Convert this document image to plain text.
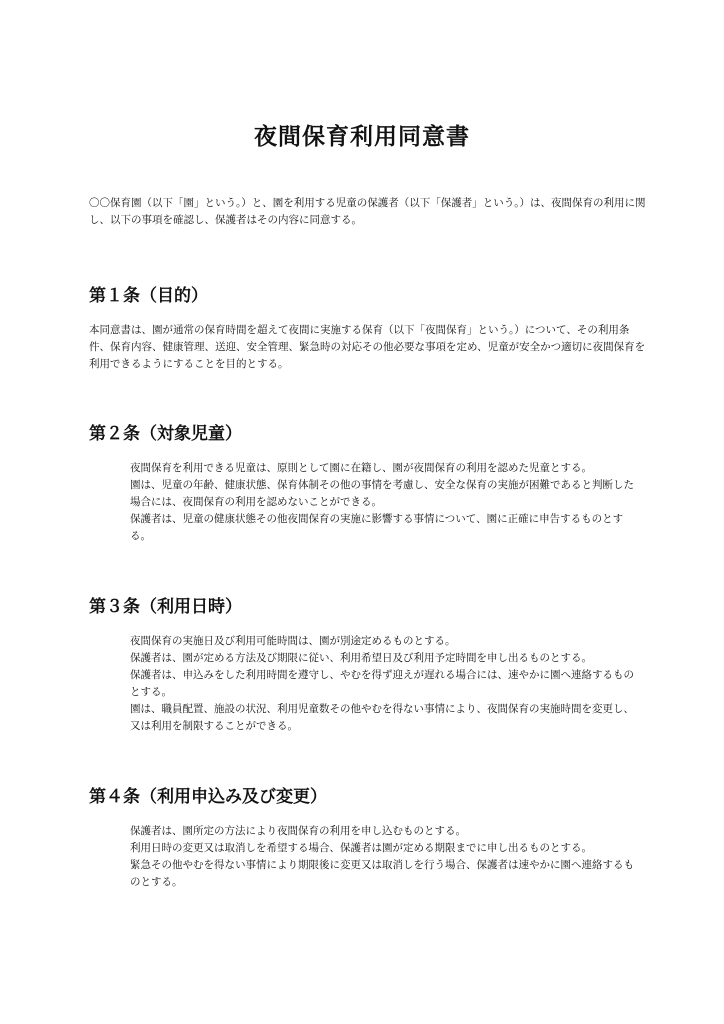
夜間保育利用同意書

〇〇保育園（以下「園」という。）と、園を利用する児童の保護者（以下「保護者」という。）は、夜間保育の利用に関し、以下の事項を確認し、保護者はその内容に同意する。

第１条（目的）

本同意書は、園が通常の保育時間を超えて夜間に実施する保育（以下「夜間保育」という。）について、その利用条件、保育内容、健康管理、送迎、安全管理、緊急時の対応その他必要な事項を定め、児童が安全かつ適切に夜間保育を利用できるようにすることを目的とする。

第２条（対象児童）

夜間保育を利用できる児童は、原則として園に在籍し、園が夜間保育の利用を認めた児童とする。

園は、児童の年齢、健康状態、保育体制その他の事情を考慮し、安全な保育の実施が困難であると判断した場合には、夜間保育の利用を認めないことができる。

保護者は、児童の健康状態その他夜間保育の実施に影響する事情について、園に正確に申告するものとする。

第３条（利用日時）

夜間保育の実施日及び利用可能時間は、園が別途定めるものとする。

保護者は、園が定める方法及び期限に従い、利用希望日及び利用予定時間を申し出るものとする。

保護者は、申込みをした利用時間を遵守し、やむを得ず迎えが遅れる場合には、速やかに園へ連絡するものとする。

園は、職員配置、施設の状況、利用児童数その他やむを得ない事情により、夜間保育の実施時間を変更し、又は利用を制限することができる。

第４条（利用申込み及び変更）

保護者は、園所定の方法により夜間保育の利用を申し込むものとする。

利用日時の変更又は取消しを希望する場合、保護者は園が定める期限までに申し出るものとする。

緊急その他やむを得ない事情により期限後に変更又は取消しを行う場合、保護者は速やかに園へ連絡するものとする。
